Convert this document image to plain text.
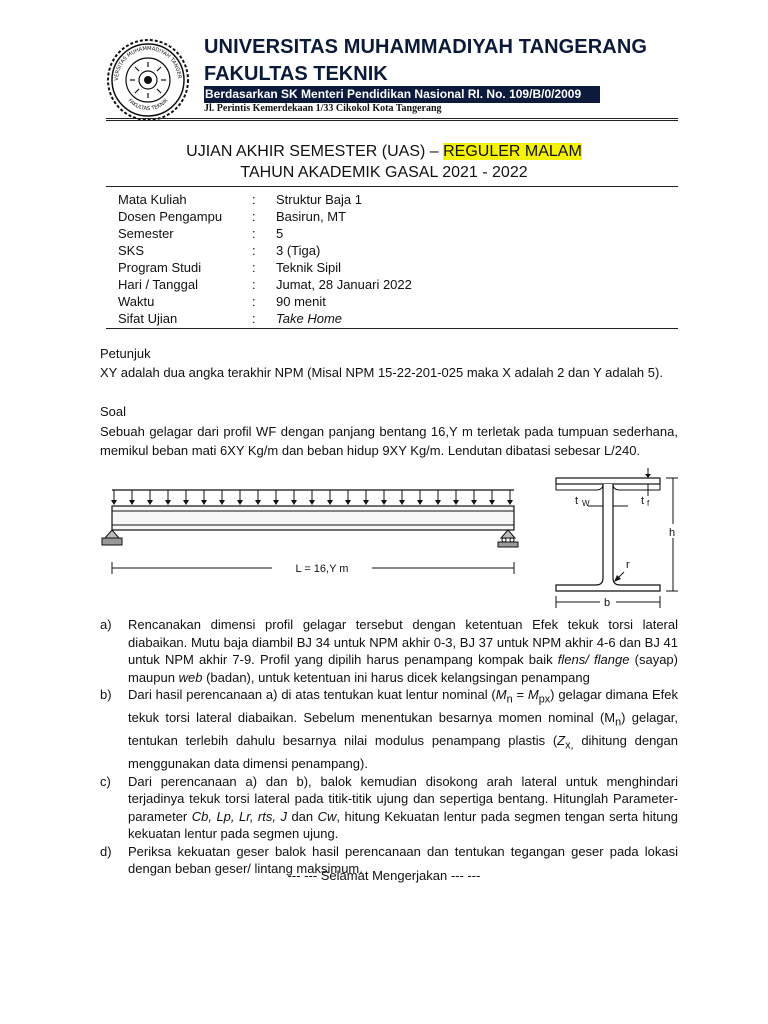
VERSITAS MUHAMMADIYAH TANGER
FAKULTAS TEKNIK
UNIVERSITAS MUHAMMADIYAH TANGERANG
FAKULTAS TEKNIK
Berdasarkan SK Menteri Pendidikan Nasional RI. No. 109/B/0/2009
Jl. Perintis Kemerdekaan 1/33 Cikokol Kota Tangerang
UJIAN AKHIR SEMESTER (UAS) – REGULER MALAM
TAHUN AKADEMIK GASAL 2021 - 2022
Mata Kuliah	: Struktur Baja 1
Dosen Pengampu : Basirun, MT
Semester	: 5
SKS	: 3 (Tiga)
Program Studi	: Teknik Sipil
Hari / Tanggal	: Jumat, 28 Januari 2022
Waktu	: 90 menit
Sifat Ujian	: Take Home
Petunjuk
XY adalah dua angka terakhir NPM (Misal NPM 15-22-201-025 maka X adalah 2 dan Y adalah 5).
Soal
Sebuah gelagar dari profil WF dengan panjang bentang 16,Y m terletak pada tumpuan sederhana, memikul beban mati 6XY Kg/m dan beban hidup 9XY Kg/m. Lendutan dibatasi sebesar L/240.
L = 16,Y m
t W	t f
h
r
b
a) Rencanakan dimensi profil gelagar tersebut dengan ketentuan Efek tekuk torsi lateral diabaikan. Mutu baja diambil BJ 34 untuk NPM akhir 0-3, BJ 37 untuk NPM akhir 4-6 dan BJ 41 untuk NPM akhir 7-9. Profil yang dipilih harus penampang kompak baik flens/ flange (sayap) maupun web (badan), untuk ketentuan ini harus dicek kelangsingan penampang
b) Dari hasil perencanaan a) di atas tentukan kuat lentur nominal $(M_n = M_{px})$ gelagar dimana Efek tekuk torsi lateral diabaikan. Sebelum menentukan besarnya momen nominal $(M_n)$ gelagar, tentukan terlebih dahulu besarnya nilai modulus penampang plastis ($Z_{x,}$ dihitung dengan menggunakan data dimensi penampang).
c) Dari perencanaan a) dan b), balok kemudian disokong arah lateral untuk menghindari terjadinya tekuk torsi lateral pada titik-titik ujung dan sepertiga bentang. Hitunglah Parameter- parameter Cb, Lp, Lr, rts, J dan Cw, hitung Kekuatan lentur pada segmen tengan serta hitung kekuatan lentur pada segmen ujung.
d) Periksa kekuatan geser balok hasil perencanaan dan tentukan tegangan geser pada lokasi dengan beban geser/ lintang maksimum.
--- --- Selamat Mengerjakan --- ---
